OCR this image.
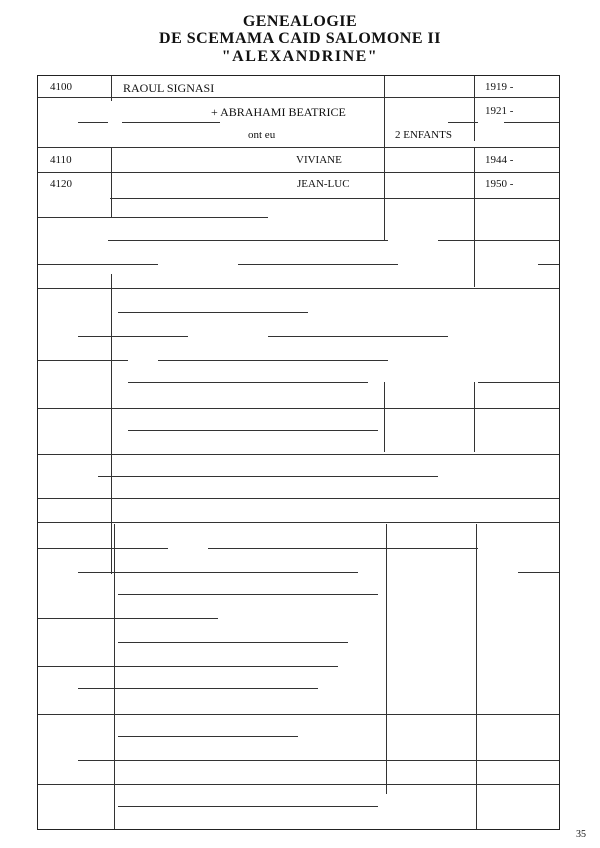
GENEALOGIE
DE SCEMAMA CAID SALOMONE II
"ALEXANDRINE"
4100	RAOUL SIGNASI	1919 -
+ ABRAHAMI BEATRICE	1921 -
ont eu	2 ENFANTS
4110	VIVIANE	1944 -
4120	JEAN-LUC	1950 -
35
